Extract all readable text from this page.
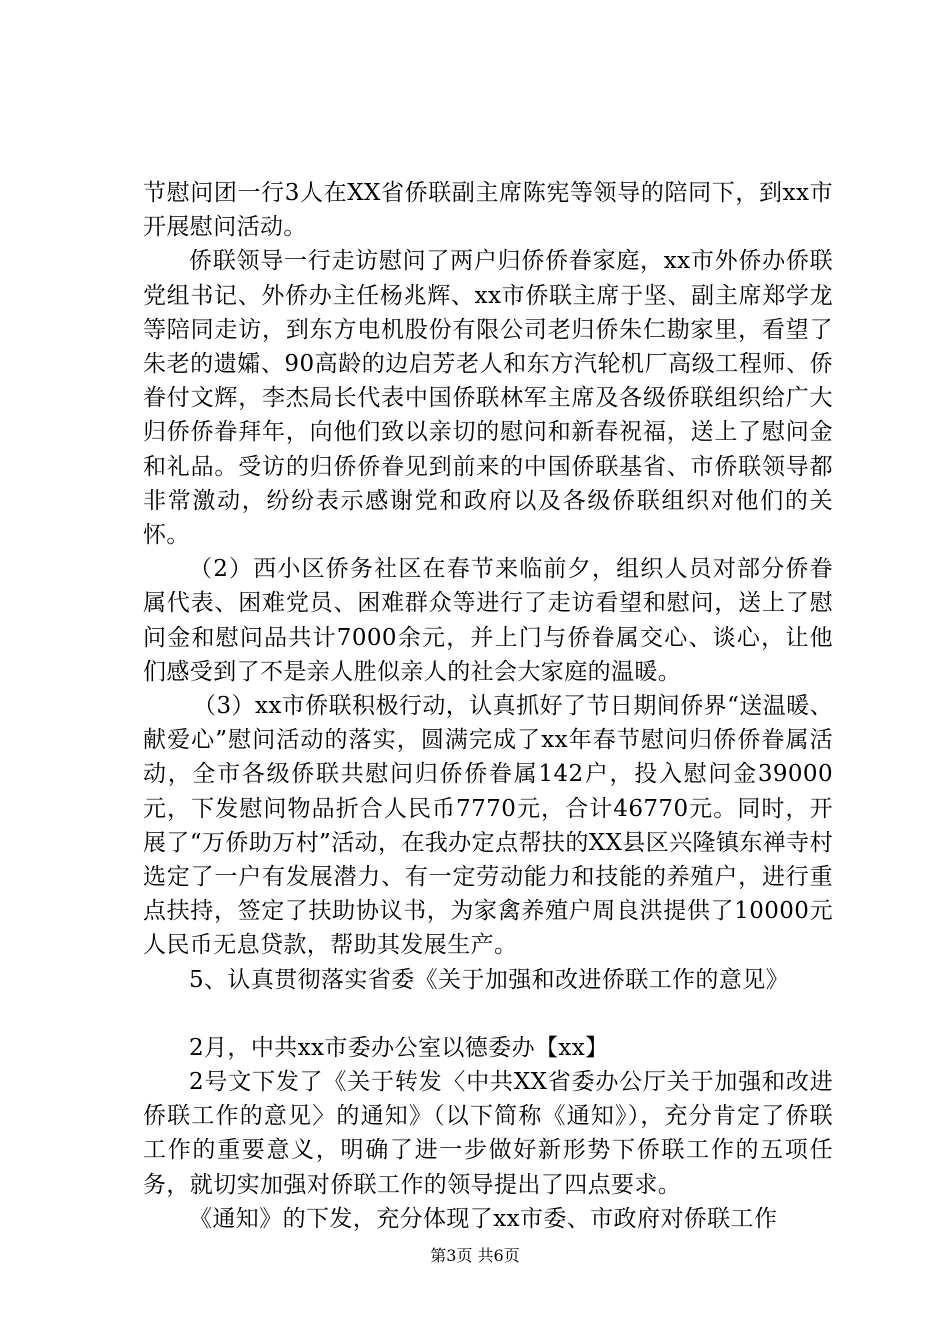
节慰问团一行3人在XX省侨联副主席陈宪等领导的陪同下，到xx市开展慰问活动。

侨联领导一行走访慰问了两户归侨侨眷家庭，xx市外侨办侨联党组书记、外侨办主任杨兆辉、xx市侨联主席于坚、副主席郑学龙等陪同走访，到东方电机股份有限公司老归侨朱仁勘家里，看望了朱老的遗孀、90高龄的边启芳老人和东方汽轮机厂高级工程师、侨眷付文辉，李杰局长代表中国侨联林军主席及各级侨联组织给广大归侨侨眷拜年，向他们致以亲切的慰问和新春祝福，送上了慰问金和礼品。受访的归侨侨眷见到前来的中国侨联基省、市侨联领导都非常激动，纷纷表示感谢党和政府以及各级侨联组织对他们的关怀。

（2）西小区侨务社区在春节来临前夕，组织人员对部分侨眷属代表、困难党员、困难群众等进行了走访看望和慰问，送上了慰问金和慰问品共计7000余元，并上门与侨眷属交心、谈心，让他们感受到了不是亲人胜似亲人的社会大家庭的温暖。

（3）xx市侨联积极行动，认真抓好了节日期间侨界“送温暖、献爱心”慰问活动的落实，圆满完成了xx年春节慰问归侨侨眷属活动，全市各级侨联共慰问归侨侨眷属142户，投入慰问金39000元，下发慰问物品折合人民币7770元，合计46770元。同时，开展了“万侨助万村”活动，在我办定点帮扶的XX县区兴隆镇东禅寺村选定了一户有发展潜力、有一定劳动能力和技能的养殖户，进行重点扶持，签定了扶助协议书，为家禽养殖户周良洪提供了10000元人民币无息贷款，帮助其发展生产。

5、认真贯彻落实省委《关于加强和改进侨联工作的意见》

2月，中共xx市委办公室以德委办【xx】

2号文下发了《关于转发〈中共XX省委办公厅关于加强和改进侨联工作的意见〉的通知》（以下简称《通知》），充分肯定了侨联工作的重要意义，明确了进一步做好新形势下侨联工作的五项任务，就切实加强对侨联工作的领导提出了四点要求。

《通知》的下发，充分体现了xx市委、市政府对侨联工作

第3页 共6页
